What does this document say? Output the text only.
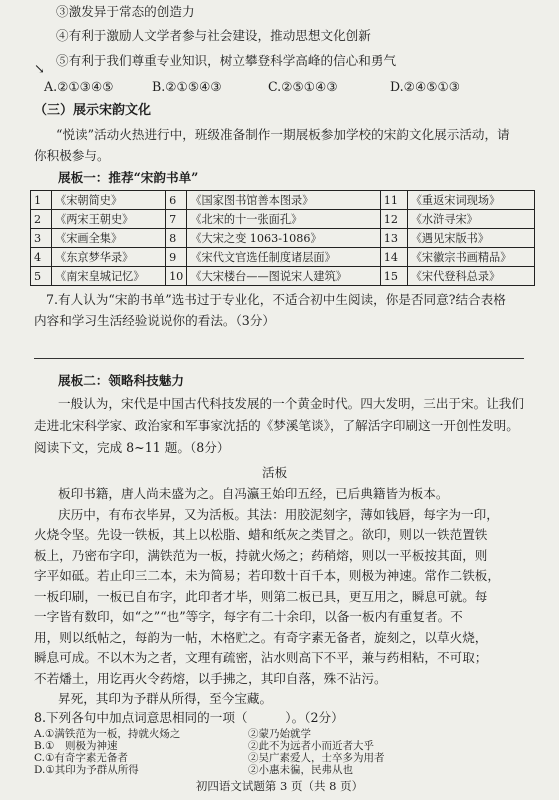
③激发异于常态的创造力
④有利于激励人文学者参与社会建设，推动思想文化创新
⑤有利于我们尊重专业知识，树立攀登科学高峰的信心和勇气
↘
A.②①③④⑤	B.②①⑤④③	C.②⑤①④③	D.②④⑤①③
（三）展示宋韵文化
“悦读”活动火热进行中，班级准备制作一期展板参加学校的宋韵文化展示活动，请
你积极参与。
展板一：推荐“宋韵书单”
1	《宋朝简史》	6	《国家图书馆善本图录》	11	《重返宋词现场》
2	《两宋王朝史》	7	《北宋的十一张面孔》	12	《水浒寻宋》
3	《宋画全集》	8	《大宋之变 1063-1086》	13	《遇见宋版书》
4	《东京梦华录》	9	《宋代文官选任制度诸层面》	14	《宋徽宗书画精品》
5	《南宋皇城记忆》	10	《大宋楼台——图说宋人建筑》	15	《宋代登科总录》
7.有人认为“宋韵书单”选书过于专业化，不适合初中生阅读，你是否同意?结合表格
内容和学习生活经验说说你的看法。（3分）
展板二：领略科技魅力
一般认为，宋代是中国古代科技发展的一个黄金时代。四大发明，三出于宋。让我们
走进北宋科学家、政治家和军事家沈括的《梦溪笔谈》，了解活字印刷这一开创性发明。
阅读下文，完成 8~11 题。（8分）
活板
板印书籍，唐人尚未盛为之。自冯瀛王始印五经，已后典籍皆为板本。
庆历中，有布衣毕昇，又为活板。其法：用胶泥刻字，薄如钱唇，每字为一印，
火烧令坚。先设一铁板，其上以松脂、蜡和纸灰之类冒之。欲印，则以一铁范置铁
板上，乃密布字印，满铁范为一板，持就火炀之；药稍熔，则以一平板按其面，则
字平如砥。若止印三二本，未为简易；若印数十百千本，则极为神速。常作二铁板，
一板印刷，一板已自布字，此印者才毕，则第二板已具，更互用之，瞬息可就。每
一字皆有数印，如“之”“也”等字，每字有二十余印，以备一板内有重复者。不
用，则以纸帖之，每韵为一帖，木格贮之。有奇字素无备者，旋刻之，以草火烧，
瞬息可成。不以木为之者，文理有疏密，沾水则高下不平，兼与药相粘，不可取；
不若燔土，用讫再火令药熔，以手拂之，其印自落，殊不沾污。
昇死，其印为予群从所得，至今宝藏。
初四语文试题第 3 页（共 8 页）
8.下列各句中加点词意思相同的一项（　　　）。（2分）
A.①满铁范为一板，持就火炀之	②蒙乃始就学
B.①　则极为神速	②此不为远者小而近者大乎
C.①有奇字素无备者	②吴广素爱人，士卒多为用者
D.①其印为予群从所得	②小惠未徧，民弗从也
